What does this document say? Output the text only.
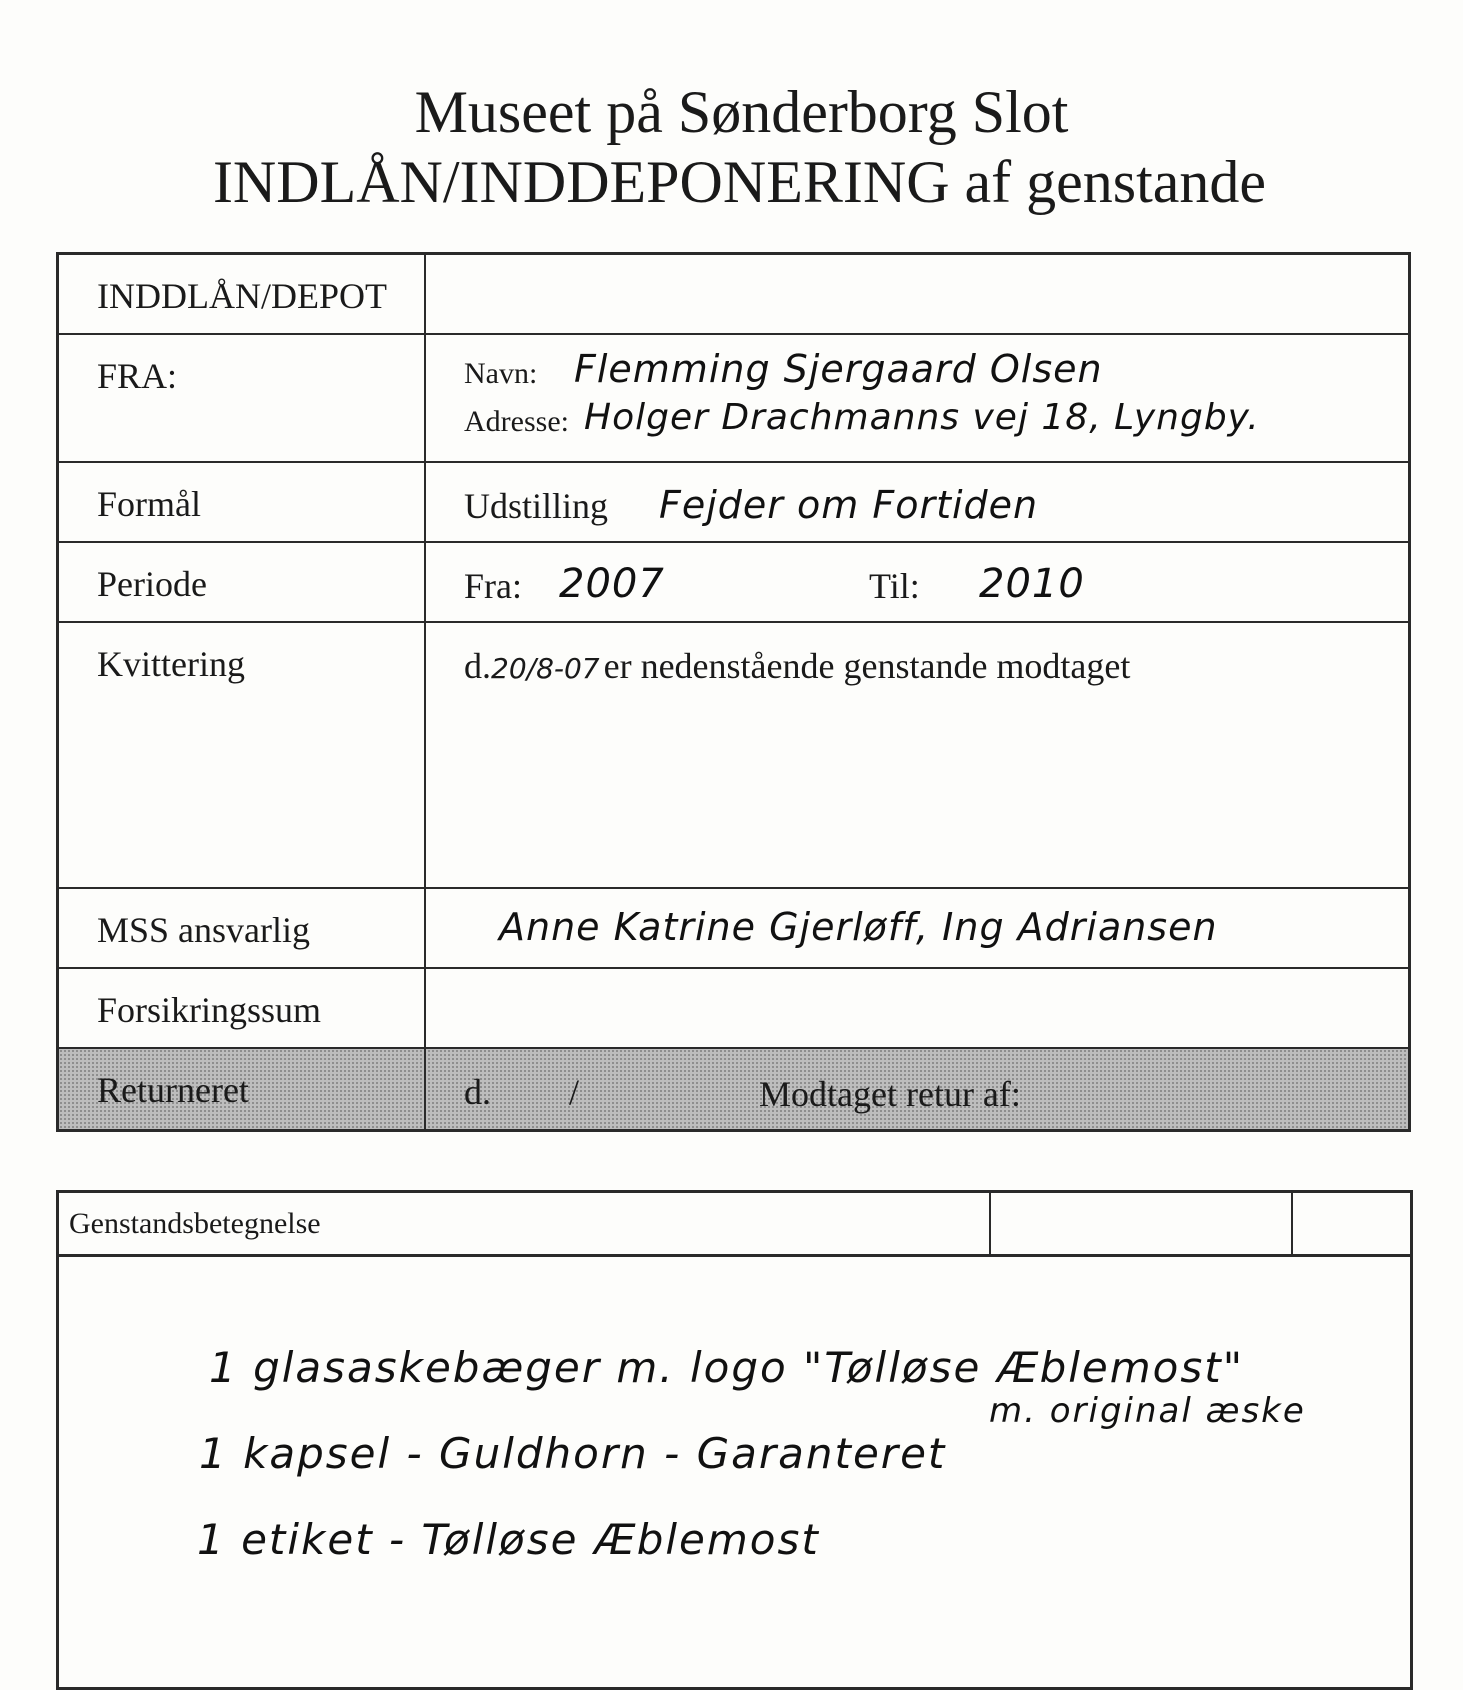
Museet på Sønderborg Slot
INDLÅN/INDDEPONERING af genstande
INDDLÅN/DEPOT
FRA:	Navn: Flemming Sjergaard Olsen
Adresse: Holger Drachmanns vej 18, Lyngby.
Formål	Udstilling Fejder om Fortiden
Periode	Fra: 2007	Til: 2010
Kvittering	d.20/8-07 er nedenstående genstande modtaget
MSS ansvarlig	Anne Katrine Gjerløff, Ing Adriansen
Forsikringssum
Returneret	d. /	Modtaget retur af:
Genstandsbetegnelse
1 glasaskebæger m. logo "Tølløse Æblemost"
m. original æske
1 kapsel - Guldhorn - Garanteret
1 etiket - Tølløse Æblemost
